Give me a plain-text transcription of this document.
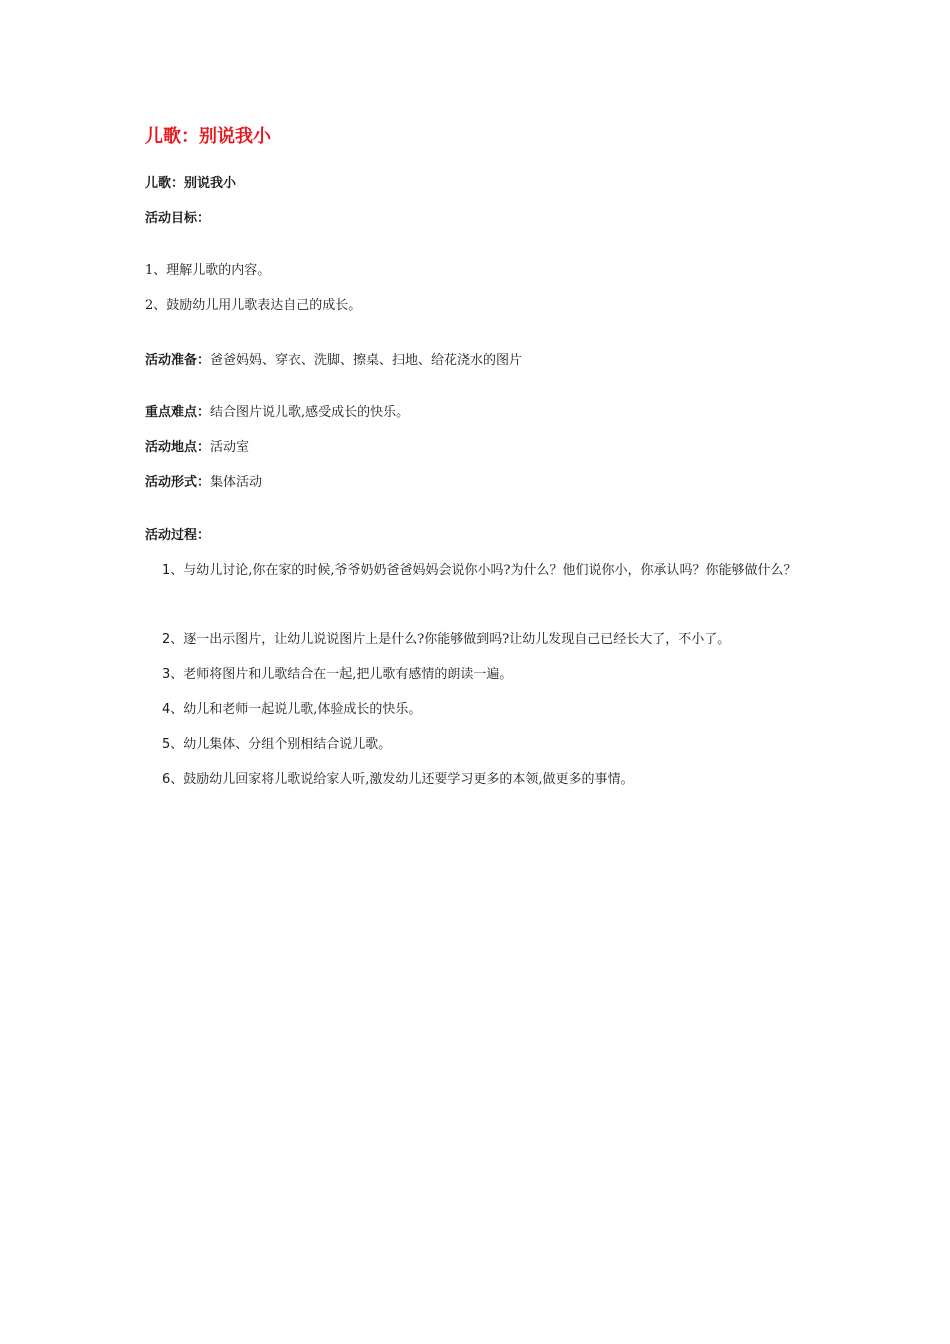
儿歌：别说我小
儿歌：别说我小
活动目标：
1、理解儿歌的内容。
2、鼓励幼儿用儿歌表达自己的成长。
活动准备：爸爸妈妈、穿衣、洗脚、擦桌、扫地、给花浇水的图片
重点难点：结合图片说儿歌,感受成长的快乐。
活动地点：活动室
活动形式：集体活动
活动过程：
1、与幼儿讨论,你在家的时候,爷爷奶奶爸爸妈妈会说你小吗?为什么？他们说你小，你承认吗？你能够做什么？
2、逐一出示图片，让幼儿说说图片上是什么?你能够做到吗?让幼儿发现自己已经长大了，不小了。
3、老师将图片和儿歌结合在一起,把儿歌有感情的朗读一遍。
4、幼儿和老师一起说儿歌,体验成长的快乐。
5、幼儿集体、分组个别相结合说儿歌。
6、鼓励幼儿回家将儿歌说给家人听,激发幼儿还要学习更多的本领,做更多的事情。
